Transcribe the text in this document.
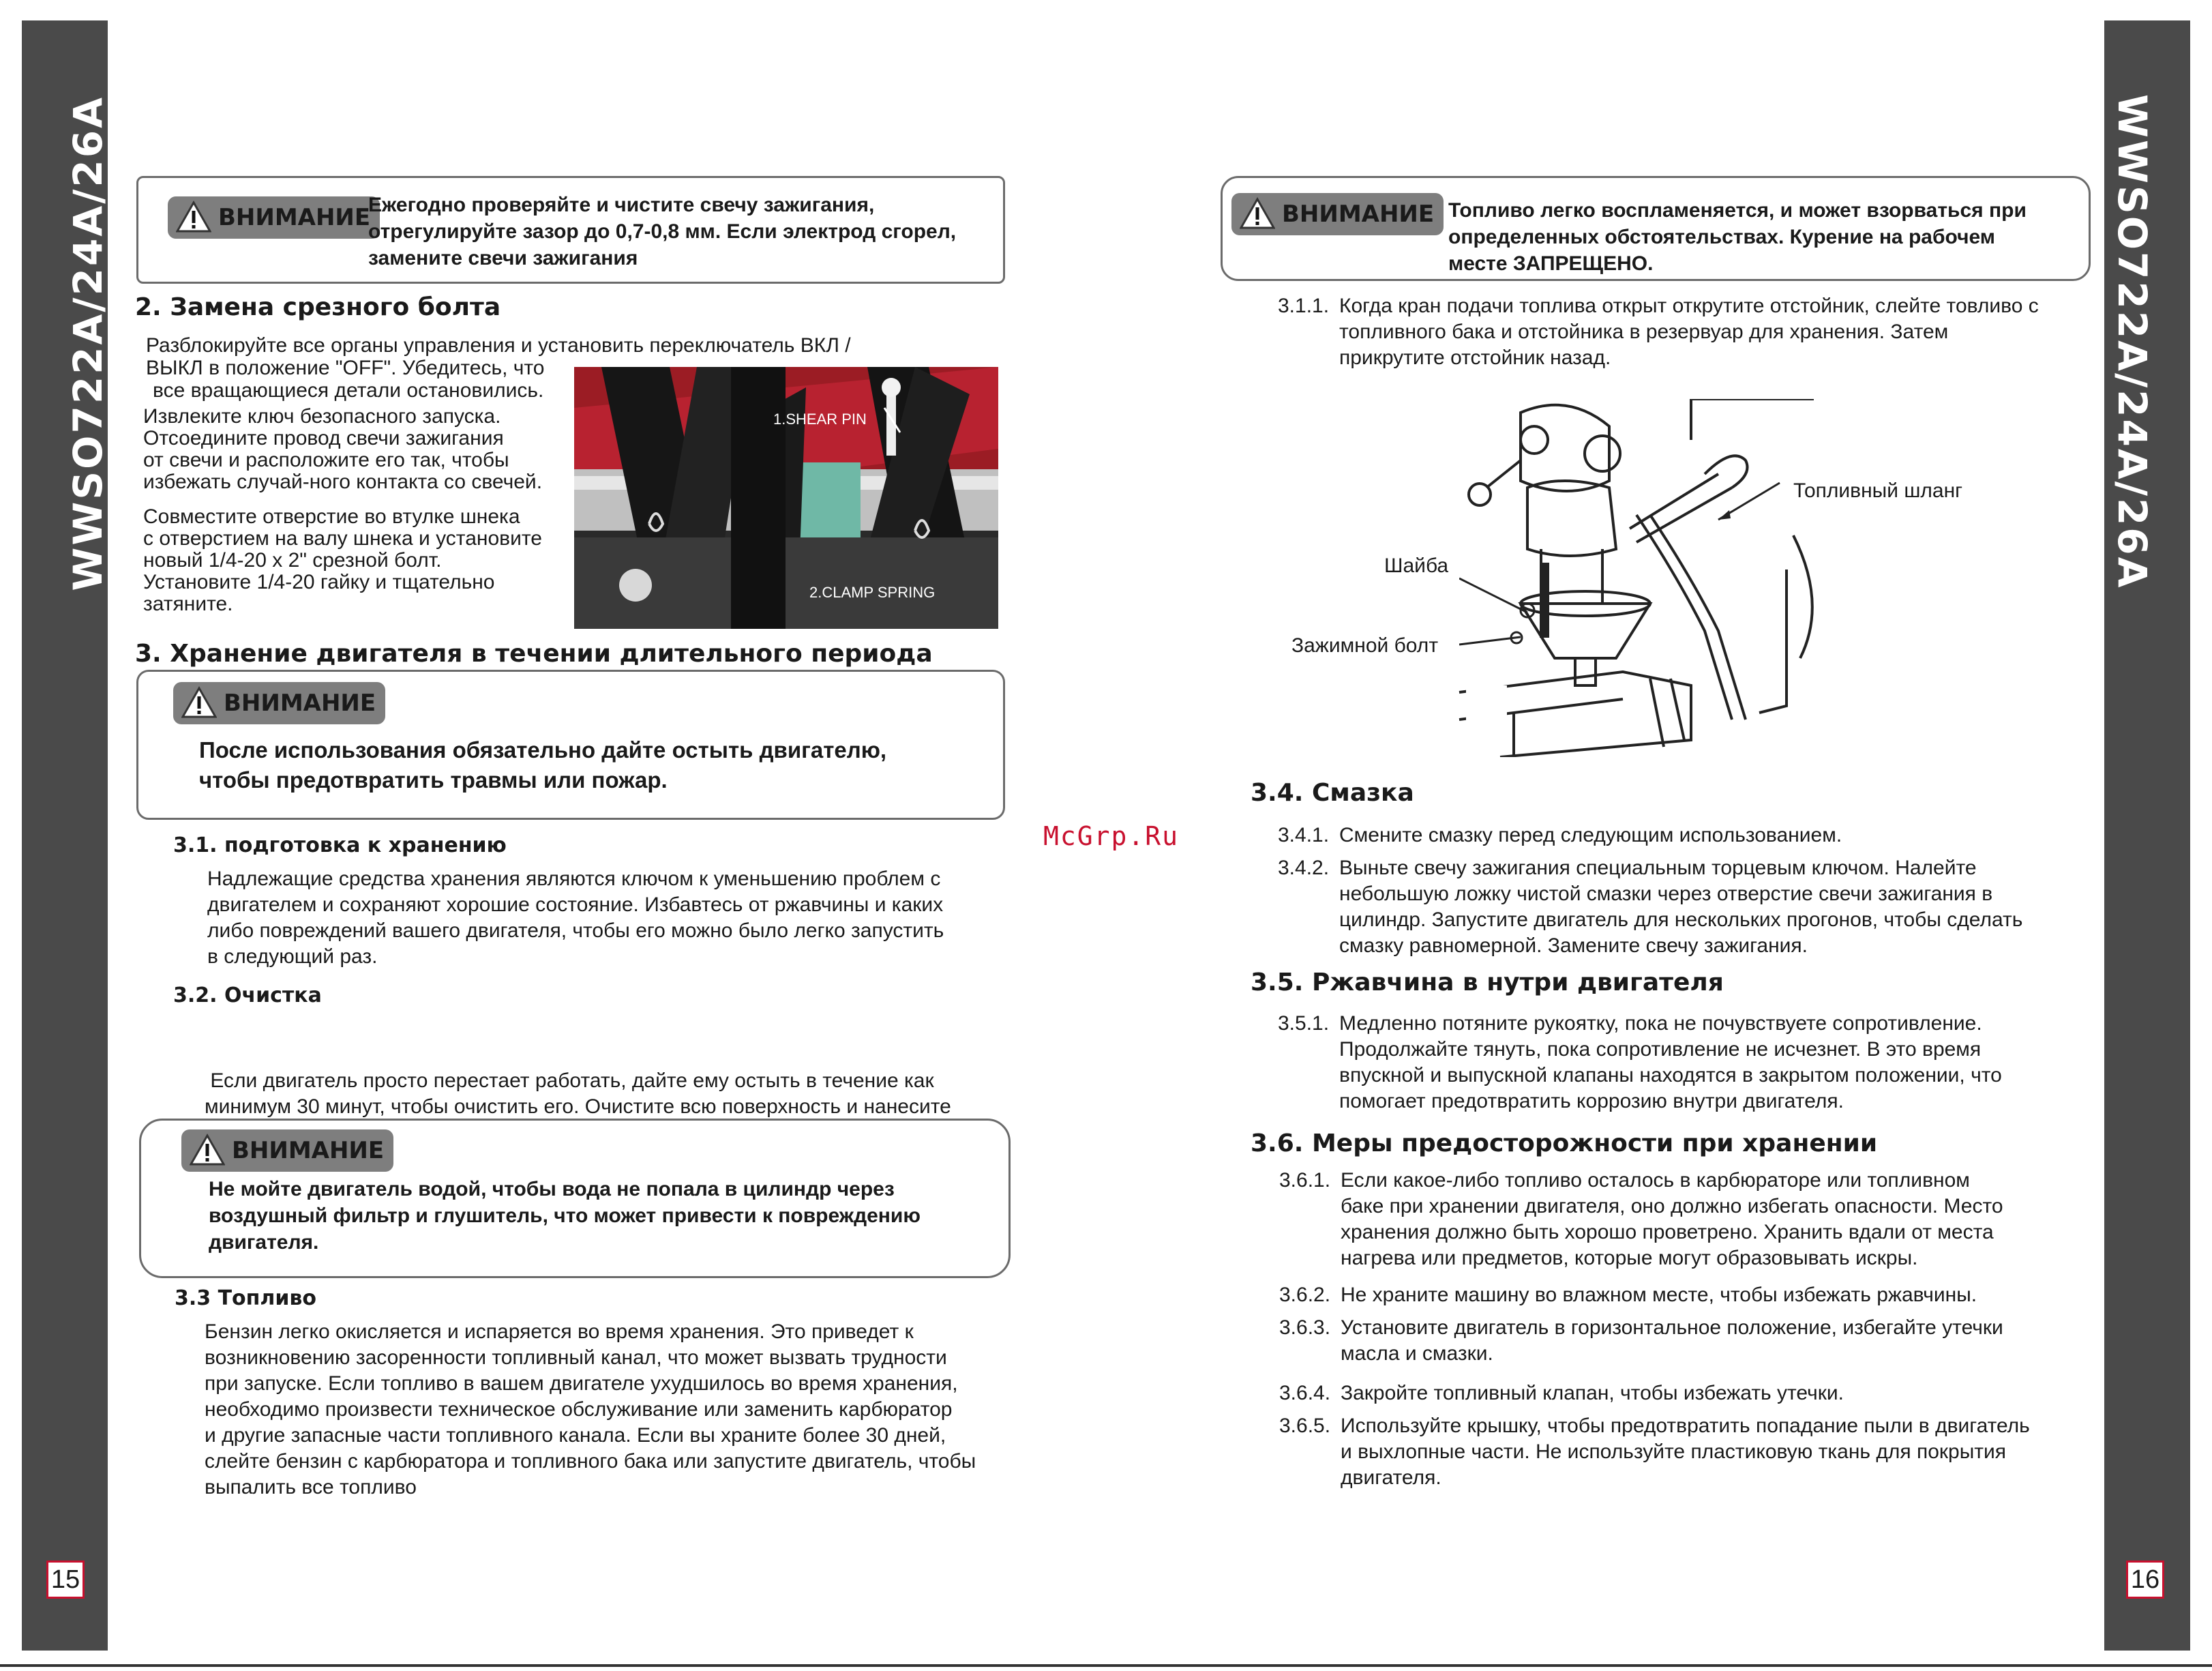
WWSO722A/24A/26A	WWSO722A/24A/26A
15	16
ВНИМАНИЕ
Ежегодно проверяйте и чистите свечу зажигания,
отрегулируйте зазор до 0,7-0,8 мм. Если электрод сгорел,
замените свечи зажигания
2. Замена срезного болта
Разблокируйте все органы управления и установить переключатель ВКЛ /
ВЫКЛ в положение "OFF". Убедитесь, что
все вращающиеся детали остановились.
Извлеките ключ безопасного запуска.
Отсоедините провод свечи зажигания
от свечи и расположите его так, чтобы
избежать случай-ного контакта со свечей.
Совместите отверстие во втулке шнека
с отверстием на валу шнека и установите
новый 1/4-20 x 2" срезной болт.
Установите 1/4-20 гайку и тщательно
затяните.
1.SHEAR PIN
2.CLAMP SPRING
3. Хранение двигателя в течении длительного периода
ВНИМАНИЕ
После использования обязательно дайте остыть двигателю,
чтобы предотвратить травмы или пожар.
3.1. подготовка к хранению
Надлежащие средства хранения являются ключом к уменьшению проблем с
двигателем и сохраняют хорошие состояние. Избавтесь от ржавчины и каких
либо повреждений вашего двигателя, чтобы его можно было легко запустить
в следующий раз.
3.2. Очистка

Если двигатель просто перестает работать, дайте ему остыть в течение как
минимум 30 минут, чтобы очистить его. Очистите всю поверхность и нанесите

ВНИМАНИЕ
Не мойте двигатель водой, чтобы вода не попала в цилиндр через
воздушный фильтр и глушитель, что может привести к повреждению
двигателя.
3.3 Топливо
Бензин легко окисляется и испаряется во время хранения. Это приведет к
возникновению засоренности топливный канал, что может вызвать трудности
при запуске. Если топливо в вашем двигателе ухудшилось во время хранения,
необходимо произвести техническое обслуживание или заменить карбюратор
и другие запасные части топливного канала. Если вы храните более 30 дней,
слейте бензин с карбюратора и топливного бака или запустите двигатель, чтобы
выпалить все топливо
McGrp.Ru
ВНИМАНИЕ Топливо легко воспламеняется, и может взорваться при
определенных обстоятельствах. Курение на рабочем
месте ЗАПРЕЩЕНО.
3.1.1. Когда кран подачи топлива открыт открутите отстойник, слейте товливо с
топливного бака и отстойника в резервуар для хранения. Затем
прикрутите отстойник назад.
Топливный шланг
Шайба
Зажимной болт
3.4. Смазка
3.4.1. Смените смазку перед следующим использованием.
3.4.2. Выньте свечу зажигания специальным торцевым ключом. Налейте
небольшую ложку чистой смазки через отверстие свечи зажигания в
цилиндр. Запустите двигатель для нескольких прогонов, чтобы сделать
смазку равномерной. Замените свечу зажигания.
3.5. Ржавчина в нутри двигателя
3.5.1. Медленно потяните рукоятку, пока не почувствуете сопротивление.
Продолжайте тянуть, пока сопротивление не исчезнет. В это время
впускной и выпускной клапаны находятся в закрытом положении, что
помогает предотвратить коррозию внутри двигателя.
3.6. Меры предосторожности при хранении
3.6.1. Если какое-либо топливо осталось в карбюраторе или топливном
баке при хранении двигателя, оно должно избегать опасности. Место
хранения должно быть хорошо проветрено. Хранить вдали от места
нагрева или предметов, которые могут образовывать искры.
3.6.2. Не храните машину во влажном месте, чтобы избежать ржавчины.
3.6.3. Установите двигатель в горизонтальное положение, избегайте утечки
масла и смазки.
3.6.4. Закройте топливный клапан, чтобы избежать утечки.
3.6.5. Используйте крышку, чтобы предотвратить попадание пыли в двигатель
и выхлопные части. Не используйте пластиковую ткань для покрытия
двигателя.
